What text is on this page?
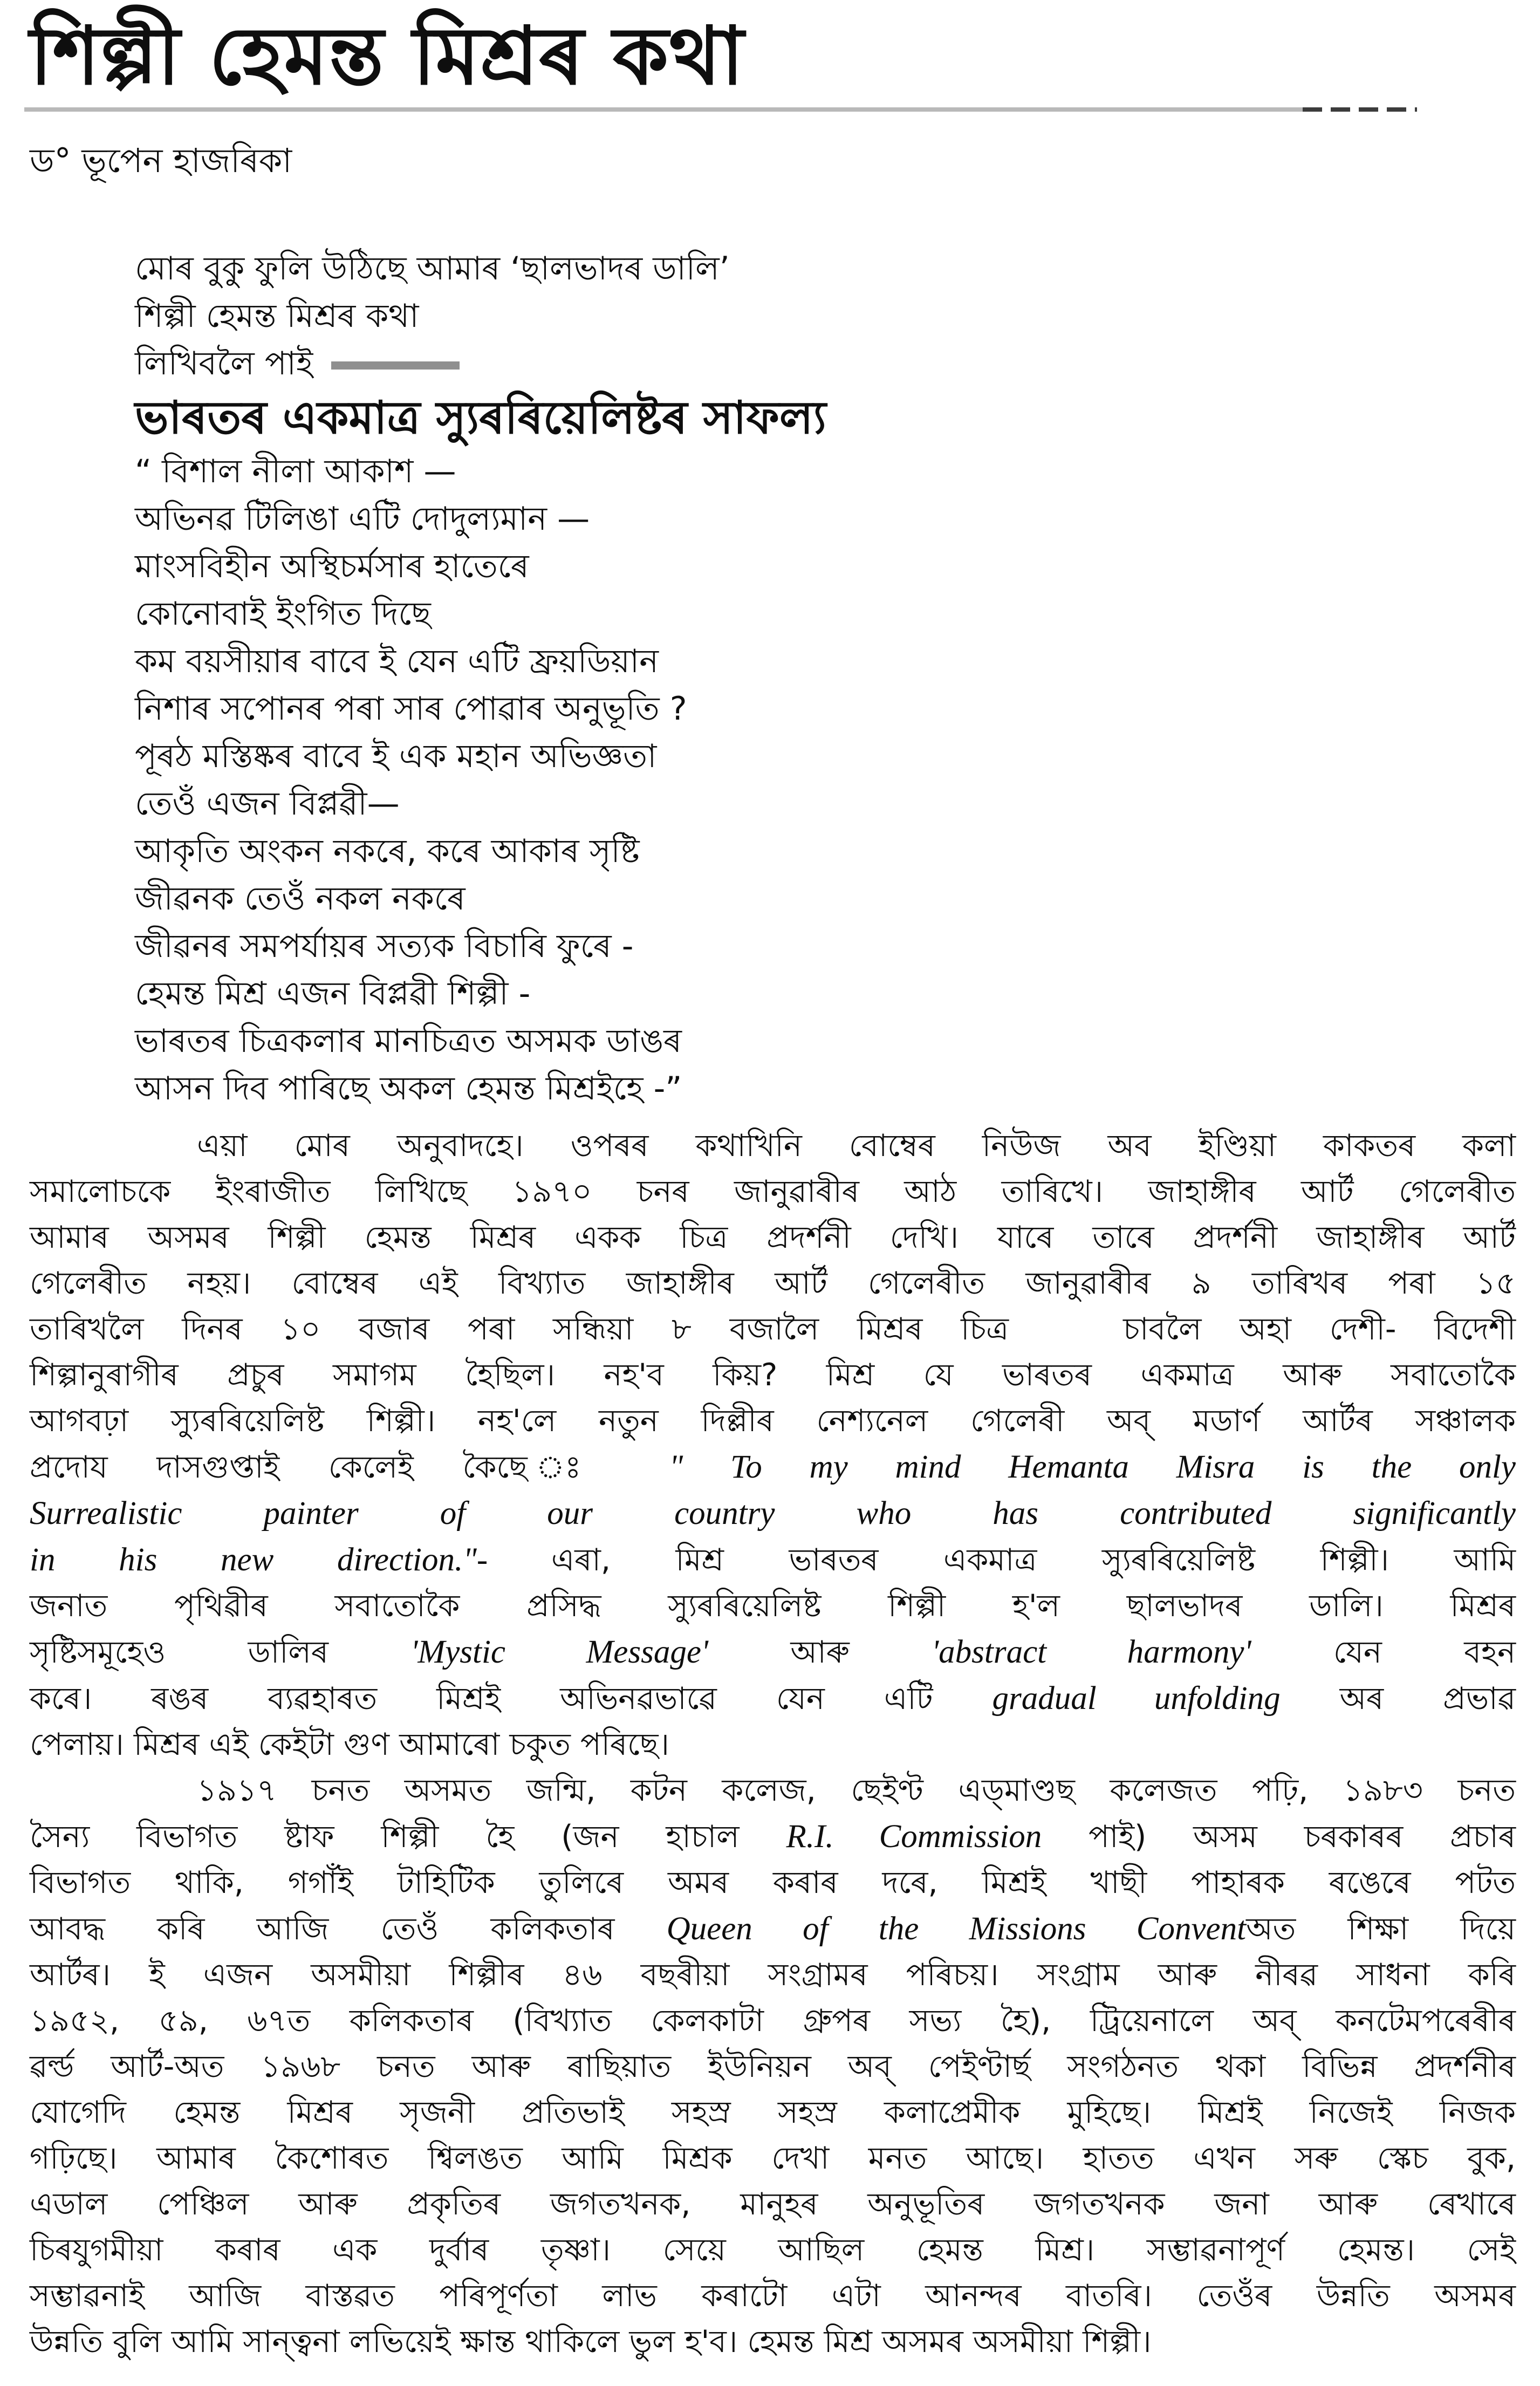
শিল্পী হেমন্ত মিশ্রৰ কথা
ড° ভূপেন হাজৰিকা
মোৰ বুকু ফুলি উঠিছে আমাৰ ‘ছালভাদৰ ডালি’
শিল্পী হেমন্ত মিশ্রৰ কথা
লিখিবলৈ পাই
ভাৰতৰ একমাত্র স্যুৰৰিয়েলিষ্টৰ সাফল্য
“ বিশাল নীলা আকাশ —
অভিনৱ টিলিঙা এটি দোদুল্যমান —
মাংসবিহীন অস্থিচর্মসাৰ হাতেৰে
কোনোবাই ইংগিত দিছে
কম বয়সীয়াৰ বাবে ই যেন এটি ফ্রয়ডিয়ান
নিশাৰ সপোনৰ পৰা সাৰ পোৱাৰ অনুভূতি ?
পূৰঠ মস্তিষ্কৰ বাবে ই এক মহান অভিজ্ঞতা
তেওঁ এজন বিপ্লৱী—
আকৃতি অংকন নকৰে, কৰে আকাৰ সৃষ্টি
জীৱনক তেওঁ নকল নকৰে
জীৱনৰ সমপর্যায়ৰ সত্যক বিচাৰি ফুৰে -
হেমন্ত মিশ্র এজন বিপ্লৱী শিল্পী -
ভাৰতৰ চিত্রকলাৰ মানচিত্রত অসমক ডাঙৰ
আসন দিব পাৰিছে অকল হেমন্ত মিশ্রইহে -”
এয়া মোৰ অনুবাদহে। ওপৰৰ কথাখিনি বোম্বেৰ নিউজ অব ইণ্ডিয়া কাকতৰ কলা
সমালোচকে ইংৰাজীত লিখিছে ১৯৭০ চনৰ জানুৱাৰীৰ আঠ তাৰিখে। জাহাঙ্গীৰ আর্ট গেলেৰীত
আমাৰ অসমৰ শিল্পী হেমন্ত মিশ্রৰ একক চিত্র প্রদর্শনী দেখি। যাৰে তাৰে প্রদর্শনী জাহাঙ্গীৰ আর্ট
গেলেৰীত নহয়। বোম্বেৰ এই বিখ্যাত জাহাঙ্গীৰ আর্ট গেলেৰীত জানুৱাৰীৰ ৯ তাৰিখৰ পৰা ১৫
তাৰিখলৈ দিনৰ ১০ বজাৰ পৰা সন্ধিয়া ৮ বজালৈ মিশ্রৰ চিত্র   চাবলৈ অহা দেশী- বিদেশী
শিল্পানুৰাগীৰ প্রচুৰ সমাগম হৈছিল। নহ'ব কিয়? মিশ্র যে ভাৰতৰ একমাত্র আৰু সবাতোকৈ
আগবঢ়া স্যুৰৰিয়েলিষ্ট শিল্পী। নহ'লে নতুন দিল্লীৰ নেশ্যনেল গেলেৰী অব্‌ মডার্ণ আর্টৰ সঞ্চালক
প্রদোয দাসগুপ্তাই কেলেই কৈছে ঃ " To my mind Hemanta Misra is the only
Surrealistic painter of our country who has contributed significantly
in his new direction."- এৰা, মিশ্র ভাৰতৰ একমাত্র স্যুৰৰিয়েলিষ্ট শিল্পী। আমি
জনাত পৃথিৱীৰ সবাতোকৈ প্রসিদ্ধ স্যুৰৰিয়েলিষ্ট শিল্পী হ'ল ছালভাদৰ ডালি। মিশ্রৰ
সৃষ্টিসমূহেও ডালিৰ 'Mystic Message' আৰু 'abstract harmony' যেন বহন
কৰে। ৰঙৰ ব্যৱহাৰত মিশ্রই অভিনৱভাৱে যেন এটি gradual unfolding অৰ প্রভাৱ
পেলায়। মিশ্রৰ এই কেইটা গুণ আমাৰো চকুত পৰিছে।
১৯১৭ চনত অসমত জন্মি, কটন কলেজ, ছেইণ্ট এড্‌মাণ্ডছ কলেজত পঢ়ি, ১৯৮৩ চনত
সৈন্য বিভাগত ষ্টাফ শিল্পী হৈ (জন হাচাল R.I. Commission পাই) অসম চৰকাৰৰ প্রচাৰ
বিভাগত থাকি, গগাঁই টাহিটিক তুলিৰে অমৰ কৰাৰ দৰে, মিশ্রই খাছী পাহাৰক ৰঙেৰে পটত
আবদ্ধ কৰি আজি তেওঁ কলিকতাৰ Queen of the Missions Conventঅত শিক্ষা দিয়ে
আর্টৰ। ই এজন অসমীয়া শিল্পীৰ ৪৬ বছৰীয়া সংগ্রামৰ পৰিচয়। সংগ্রাম আৰু নীৰৱ সাধনা কৰি
১৯৫২, ৫৯, ৬৭ত কলিকতাৰ (বিখ্যাত কেলকাটা গ্রুপৰ সভ্য হৈ), ট্রিয়েনালে অব্‌ কনটেমপৰেৰীৰ
ৱৰ্ল্ড আর্ট-অত ১৯৬৮ চনত আৰু ৰাছিয়াত ইউনিয়ন অব্‌ পেইণ্টার্ছ সংগঠনত থকা বিভিন্ন প্রদর্শনীৰ
যোগেদি হেমন্ত মিশ্রৰ সৃজনী প্রতিভাই সহস্র সহস্র কলাপ্রেমীক মুহিছে। মিশ্রই নিজেই নিজক
গঢ়িছে। আমাৰ কৈশোৰত শ্বিলঙত আমি মিশ্রক দেখা মনত আছে। হাতত এখন সৰু স্কেচ বুক,
এডাল পেঞ্চিল আৰু প্রকৃতিৰ জগতখনক, মানুহৰ অনুভূতিৰ জগতখনক জনা আৰু ৰেখাৰে
চিৰযুগমীয়া কৰাৰ এক দুর্বাৰ তৃষ্ণা। সেয়ে আছিল হেমন্ত মিশ্র। সম্ভাৱনাপূর্ণ হেমন্ত। সেই
সম্ভাৱনাই আজি বাস্তৱত পৰিপূর্ণতা লাভ কৰাটো এটা আনন্দৰ বাতৰি। তেওঁৰ উন্নতি অসমৰ
উন্নতি বুলি আমি সান্ত্বনা লভিয়েই ক্ষান্ত থাকিলে ভুল হ'ব। হেমন্ত মিশ্র অসমৰ অসমীয়া শিল্পী।
